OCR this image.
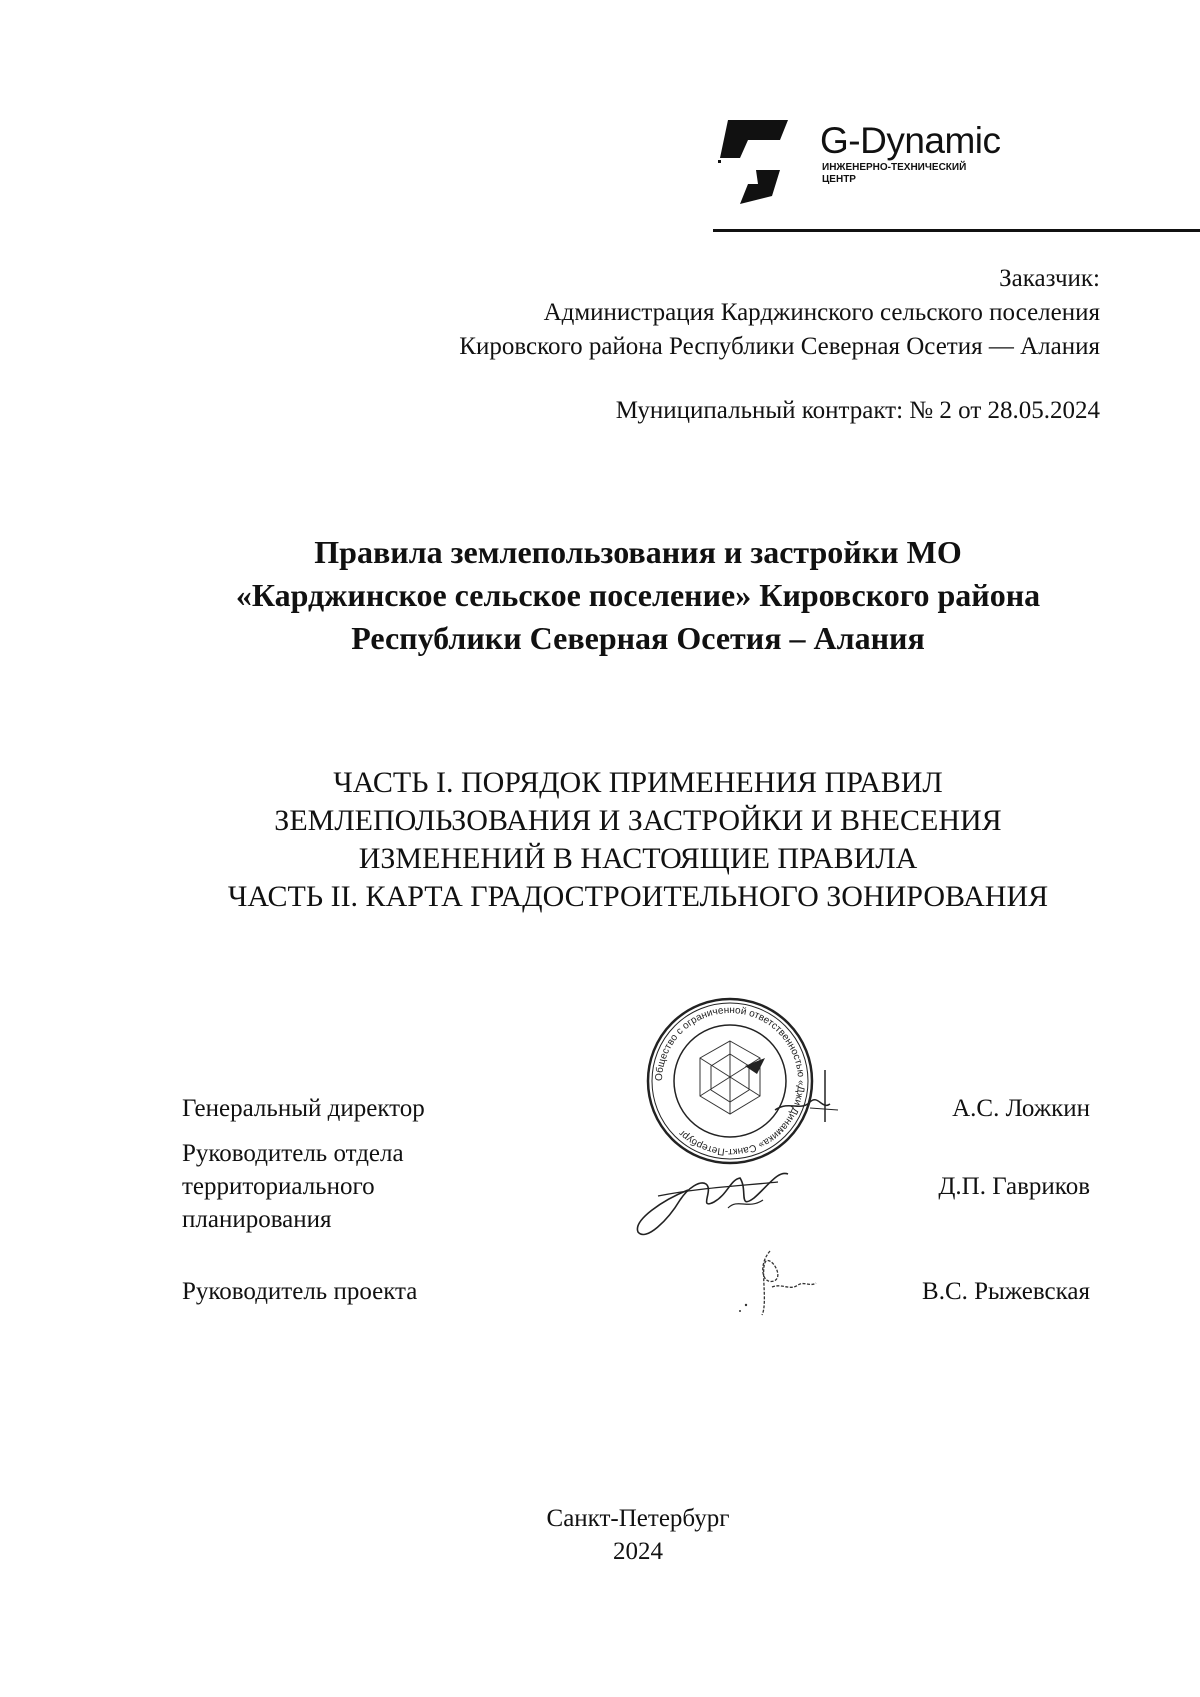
G-Dynamic
ИНЖЕНЕРНО-ТЕХНИЧЕСКИЙ
ЦЕНТР
Заказчик:
Администрация Карджинского сельского поселения
Кировского района Республики Северная Осетия — Алания
Муниципальный контракт: № 2 от 28.05.2024
Правила землепользования и застройки МО
«Карджинское сельское поселение» Кировского района
Республики Северная Осетия – Алания
ЧАСТЬ I. ПОРЯДОК ПРИМЕНЕНИЯ ПРАВИЛ
ЗЕМЛЕПОЛЬЗОВАНИЯ И ЗАСТРОЙКИ И ВНЕСЕНИЯ
ИЗМЕНЕНИЙ В НАСТОЯЩИЕ ПРАВИЛА
ЧАСТЬ II. КАРТА ГРАДОСТРОИТЕЛЬНОГО ЗОНИРОВАНИЯ
Общество с ограниченной ответственностью «Джи Динамика» Санкт-Петербург
Генеральный директор	А.С. Ложкин
Руководитель отдела
территориального
планирования
Д.П. Гавриков
Руководитель проекта	В.С. Рыжевская
Санкт-Петербург
2024
